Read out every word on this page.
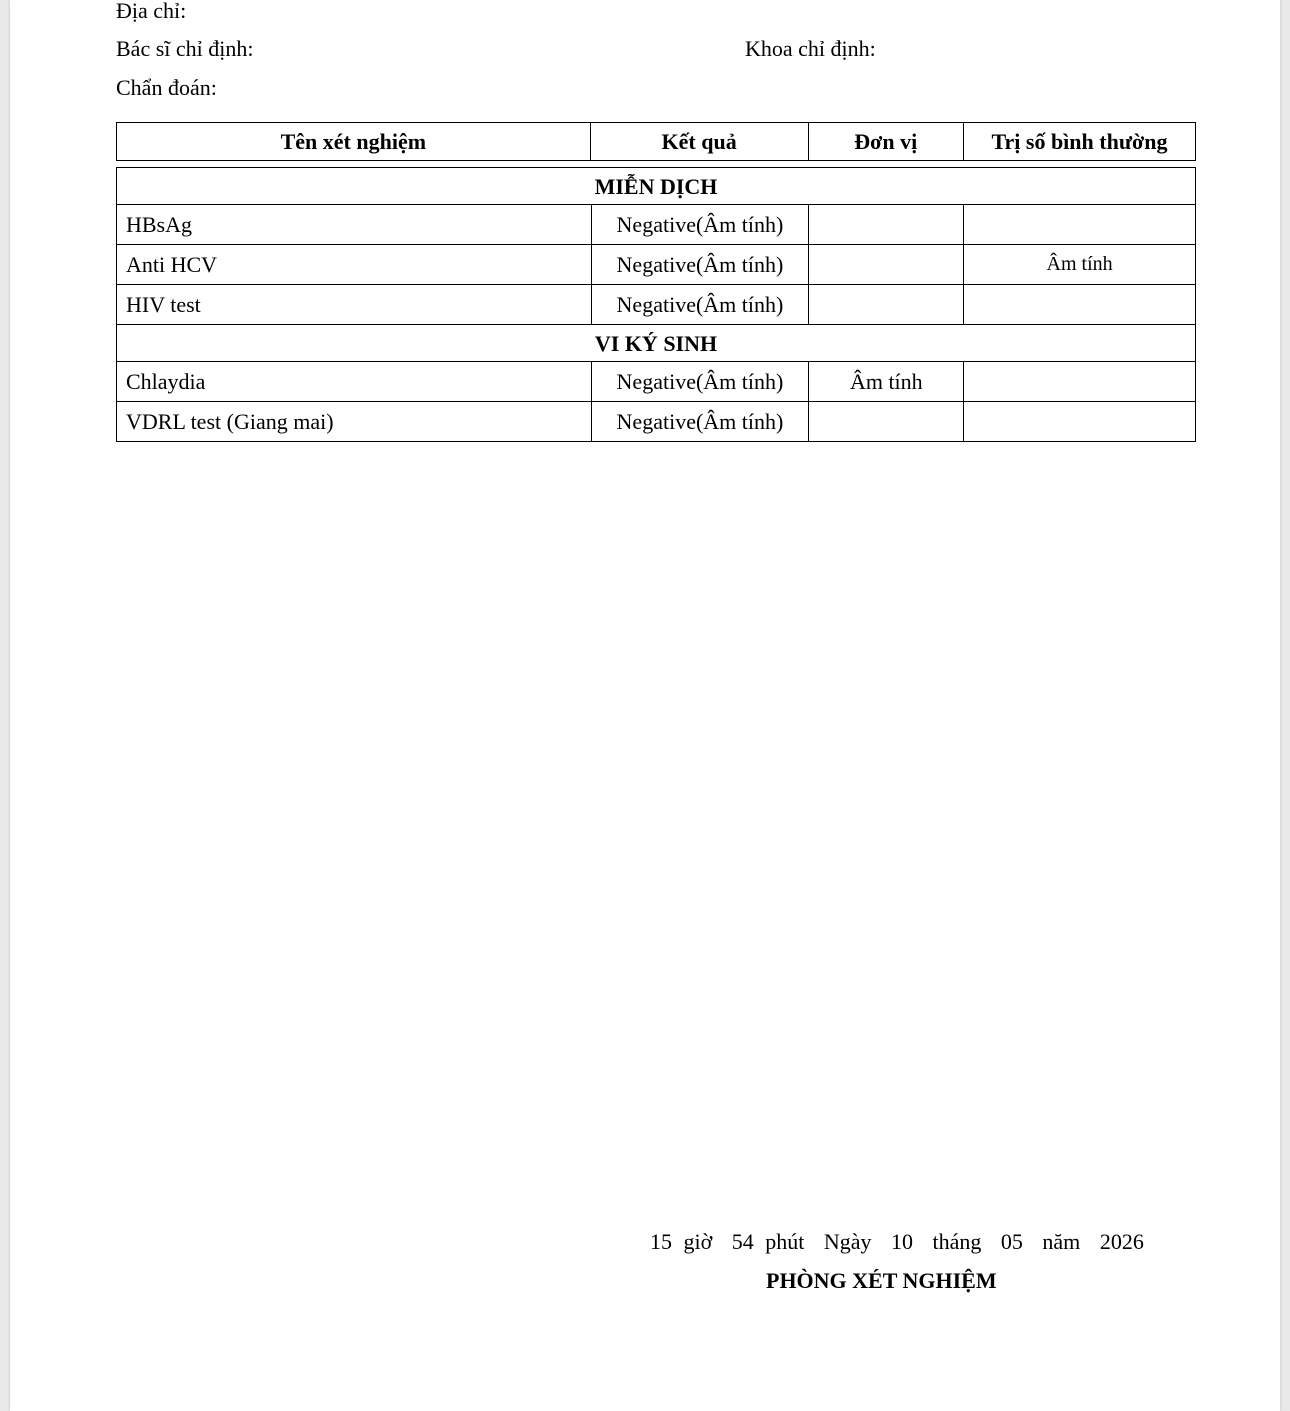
Địa chỉ:
Bác sĩ chỉ định:	Khoa chỉ định:
Chẩn đoán:
Tên xét nghiệm	Kết quả	Đơn vị	Trị số bình thường
MIỄN DỊCH			
HBsAg	Negative(Âm tính)		
Anti HCV	Negative(Âm tính)		Âm tính
HIV test	Negative(Âm tính)		
VI KÝ SINH			
Chlaydia	Negative(Âm tính)	Âm tính	
VDRL test (Giang mai)	Negative(Âm tính)		
15 giờ 54 phút Ngày 10 tháng 05 năm 2026
PHÒNG XÉT NGHIỆM
